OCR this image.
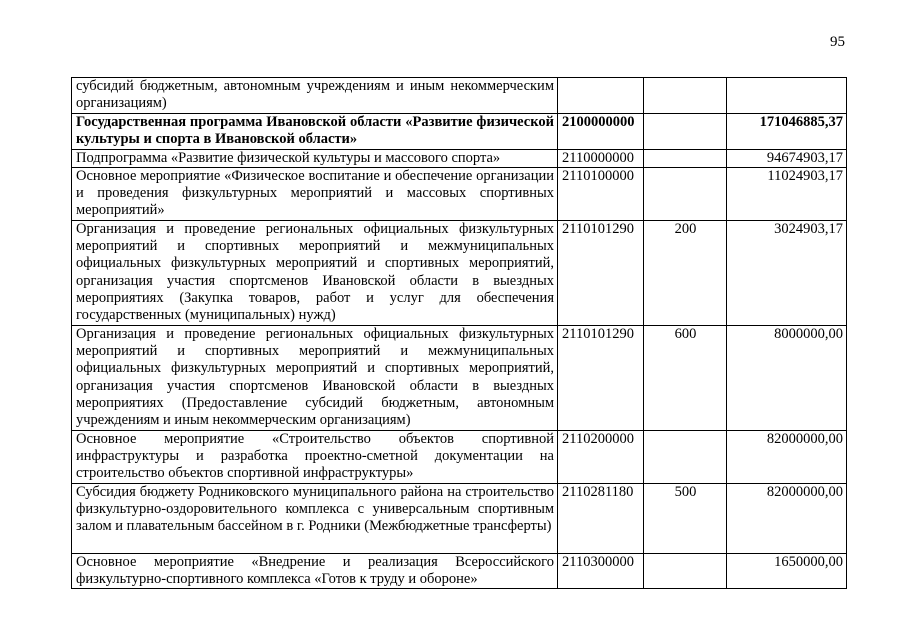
95
субсидий бюджетным, автономным учреждениям и иным некоммерческим организациям)			
Государственная программа Ивановской области «Развитие физической культуры и спорта в Ивановской области»	2100000000		171046885,37
Подпрограмма «Развитие физической культуры и массового спорта»	2110000000		94674903,17
Основное мероприятие «Физическое воспитание и обеспечение организации и проведения физкультурных мероприятий и массовых спортивных мероприятий»	2110100000		11024903,17
Организация и проведение региональных официальных физкультурных мероприятий и спортивных мероприятий и межмуниципальных официальных физкультурных мероприятий и спортивных мероприятий, организация участия спортсменов Ивановской области в выездных мероприятиях (Закупка товаров, работ и услуг для обеспечения государственных (муниципальных) нужд)	2110101290	200	3024903,17
Организация и проведение региональных официальных физкультурных мероприятий и спортивных мероприятий и межмуниципальных официальных физкультурных мероприятий и спортивных мероприятий, организация участия спортсменов Ивановской области в выездных мероприятиях (Предоставление субсидий бюджетным, автономным учреждениям и иным некоммерческим организациям)	2110101290	600	8000000,00
Основное мероприятие «Строительство объектов спортивной инфраструктуры и разработка проектно-сметной документации на строительство объектов спортивной инфраструктуры»	2110200000		82000000,00
Субсидия бюджету Родниковского муниципального района на строительство физкультурно-оздоровительного комплекса с универсальным спортивным залом и плавательным бассейном в г. Родники (Межбюджетные трансферты)	2110281180	500	82000000,00
Основное мероприятие «Внедрение и реализация Всероссийского физкультурно-спортивного комплекса «Готов к труду и обороне»	2110300000		1650000,00
